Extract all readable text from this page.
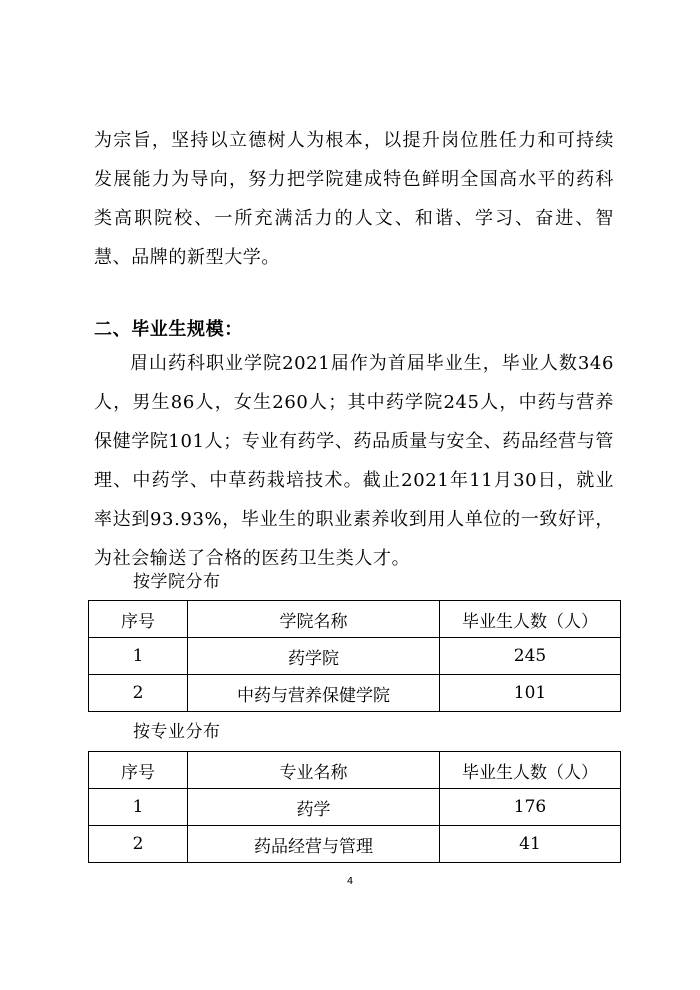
为宗旨，坚持以立德树人为根本，以提升岗位胜任力和可持续发展能力为导向，努力把学院建成特色鲜明全国高水平的药科类高职院校、一所充满活力的人文、和谐、学习、奋进、智慧、品牌的新型大学。

二、毕业生规模：

眉山药科职业学院2021届作为首届毕业生，毕业人数346人，男生86人，女生260人；其中药学院245人，中药与营养保健学院101人；专业有药学、药品质量与安全、药品经营与管理、中药学、中草药栽培技术。截止2021年11月30日，就业率达到93.93%，毕业生的职业素养收到用人单位的一致好评，为社会输送了合格的医药卫生类人才。

按学院分布

序号	学院名称	毕业生人数（人）
1	药学院	245
2	中药与营养保健学院	101

按专业分布

序号	专业名称	毕业生人数（人）
1	药学	176
2	药品经营与管理	41
4
